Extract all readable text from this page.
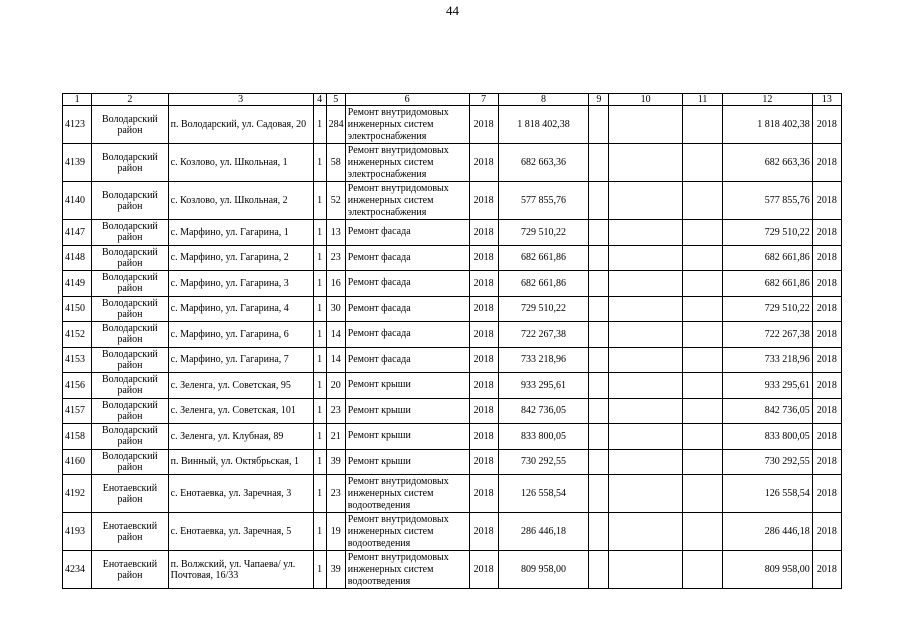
44
1	2	3	4	5	6	7	8	9	10	11	12	13
4123	Володарский район	п. Володарский, ул. Садовая, 20	1	284	Ремонт внутридомовых инженерных систем электроснабжения	2018	1 818 402,38				1 818 402,38	2018
4139	Володарский район	с. Козлово, ул. Школьная, 1	1	58	Ремонт внутридомовых инженерных систем электроснабжения	2018	682 663,36				682 663,36	2018
4140	Володарский район	с. Козлово, ул. Школьная, 2	1	52	Ремонт внутридомовых инженерных систем электроснабжения	2018	577 855,76				577 855,76	2018
4147	Володарский район	с. Марфино, ул. Гагарина, 1	1	13	Ремонт фасада	2018	729 510,22				729 510,22	2018
4148	Володарский район	с. Марфино, ул. Гагарина, 2	1	23	Ремонт фасада	2018	682 661,86				682 661,86	2018
4149	Володарский район	с. Марфино, ул. Гагарина, 3	1	16	Ремонт фасада	2018	682 661,86				682 661,86	2018
4150	Володарский район	с. Марфино, ул. Гагарина, 4	1	30	Ремонт фасада	2018	729 510,22				729 510,22	2018
4152	Володарский район	с. Марфино, ул. Гагарина, 6	1	14	Ремонт фасада	2018	722 267,38				722 267,38	2018
4153	Володарский район	с. Марфино, ул. Гагарина, 7	1	14	Ремонт фасада	2018	733 218,96				733 218,96	2018
4156	Володарский район	с. Зеленга, ул. Советская, 95	1	20	Ремонт крыши	2018	933 295,61				933 295,61	2018
4157	Володарский район	с. Зеленга, ул. Советская, 101	1	23	Ремонт крыши	2018	842 736,05				842 736,05	2018
4158	Володарский район	с. Зеленга, ул. Клубная, 89	1	21	Ремонт крыши	2018	833 800,05				833 800,05	2018
4160	Володарский район	п. Винный, ул. Октябрьская, 1	1	39	Ремонт крыши	2018	730 292,55				730 292,55	2018
4192	Енотаевский район	с. Енотаевка, ул. Заречная, 3	1	23	Ремонт внутридомовых инженерных систем водоотведения	2018	126 558,54				126 558,54	2018
4193	Енотаевский район	с. Енотаевка, ул. Заречная, 5	1	19	Ремонт внутридомовых инженерных систем водоотведения	2018	286 446,18				286 446,18	2018
4234	Енотаевский район	п. Волжский, ул. Чапаева/ ул. Почтовая, 16/33	1	39	Ремонт внутридомовых инженерных систем водоотведения	2018	809 958,00				809 958,00	2018
